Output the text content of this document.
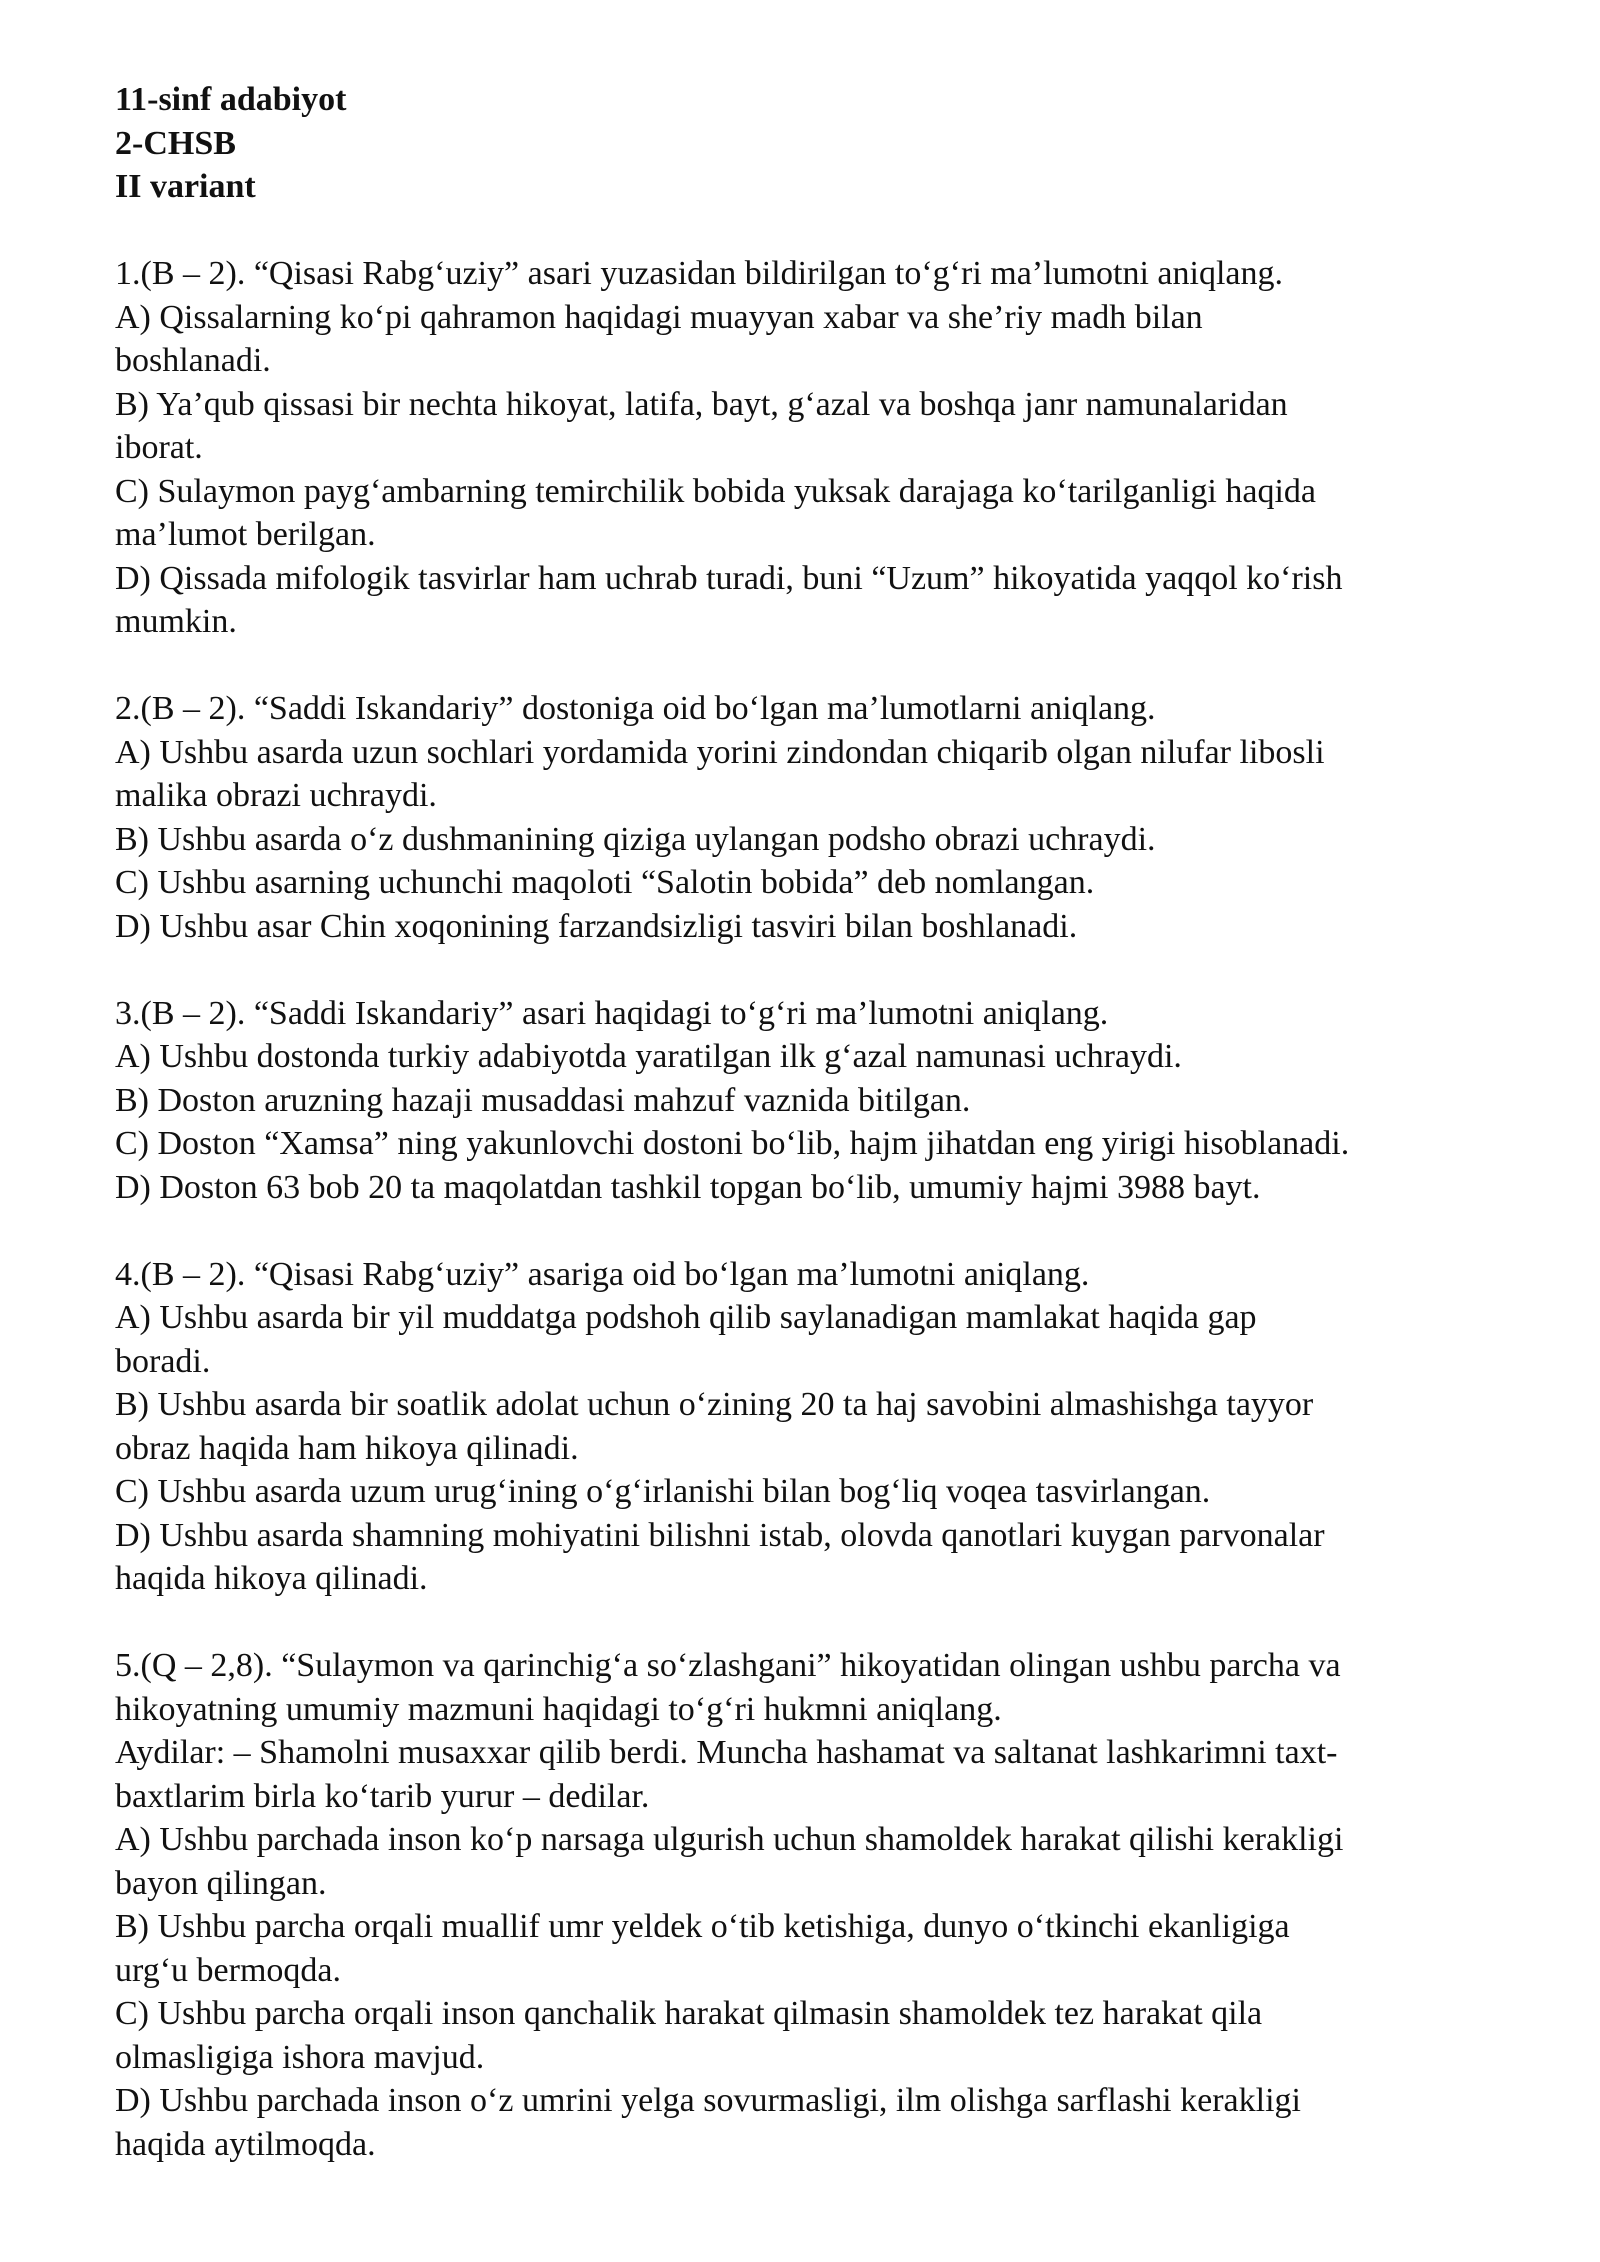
11-sinf adabiyot
2-CHSB
II variant
1.(B – 2). “Qisasi Rabg‘uziy” asari yuzasidan bildirilgan to‘g‘ri ma’lumotni aniqlang.
A) Qissalarning ko‘pi qahramon haqidagi muayyan xabar va she’riy madh bilan
boshlanadi.
B) Ya’qub qissasi bir nechta hikoyat, latifa, bayt, g‘azal va boshqa janr namunalaridan
iborat.
C) Sulaymon payg‘ambarning temirchilik bobida yuksak darajaga ko‘tarilganligi haqida
ma’lumot berilgan.
D) Qissada mifologik tasvirlar ham uchrab turadi, buni “Uzum” hikoyatida yaqqol ko‘rish
mumkin.
2.(B – 2). “Saddi Iskandariy” dostoniga oid bo‘lgan ma’lumotlarni aniqlang.
A) Ushbu asarda uzun sochlari yordamida yorini zindondan chiqarib olgan nilufar libosli
malika obrazi uchraydi.
B) Ushbu asarda o‘z dushmanining qiziga uylangan podsho obrazi uchraydi.
C) Ushbu asarning uchunchi maqoloti “Salotin bobida” deb nomlangan.
D) Ushbu asar Chin xoqonining farzandsizligi tasviri bilan boshlanadi.
3.(B – 2). “Saddi Iskandariy” asari haqidagi to‘g‘ri ma’lumotni aniqlang.
A) Ushbu dostonda turkiy adabiyotda yaratilgan ilk g‘azal namunasi uchraydi.
B) Doston aruzning hazaji musaddasi mahzuf vaznida bitilgan.
C) Doston “Xamsa” ning yakunlovchi dostoni bo‘lib, hajm jihatdan eng yirigi hisoblanadi.
D) Doston 63 bob 20 ta maqolatdan tashkil topgan bo‘lib, umumiy hajmi 3988 bayt.
4.(B – 2). “Qisasi Rabg‘uziy” asariga oid bo‘lgan ma’lumotni aniqlang.
A) Ushbu asarda bir yil muddatga podshoh qilib saylanadigan mamlakat haqida gap
boradi.
B) Ushbu asarda bir soatlik adolat uchun o‘zining 20 ta haj savobini almashishga tayyor
obraz haqida ham hikoya qilinadi.
C) Ushbu asarda uzum urug‘ining o‘g‘irlanishi bilan bog‘liq voqea tasvirlangan.
D) Ushbu asarda shamning mohiyatini bilishni istab, olovda qanotlari kuygan parvonalar
haqida hikoya qilinadi.
5.(Q – 2,8). “Sulaymon va qarinchig‘a so‘zlashgani” hikoyatidan olingan ushbu parcha va
hikoyatning umumiy mazmuni haqidagi to‘g‘ri hukmni aniqlang.
Aydilar: – Shamolni musaxxar qilib berdi. Muncha hashamat va saltanat lashkarimni taxt-
baxtlarim birla ko‘tarib yurur – dedilar.
A) Ushbu parchada inson ko‘p narsaga ulgurish uchun shamoldek harakat qilishi kerakligi
bayon qilingan.
B) Ushbu parcha orqali muallif umr yeldek o‘tib ketishiga, dunyo o‘tkinchi ekanligiga
urg‘u bermoqda.
C) Ushbu parcha orqali inson qanchalik harakat qilmasin shamoldek tez harakat qila
olmasligiga ishora mavjud.
D) Ushbu parchada inson o‘z umrini yelga sovurmasligi, ilm olishga sarflashi kerakligi
haqida aytilmoqda.
